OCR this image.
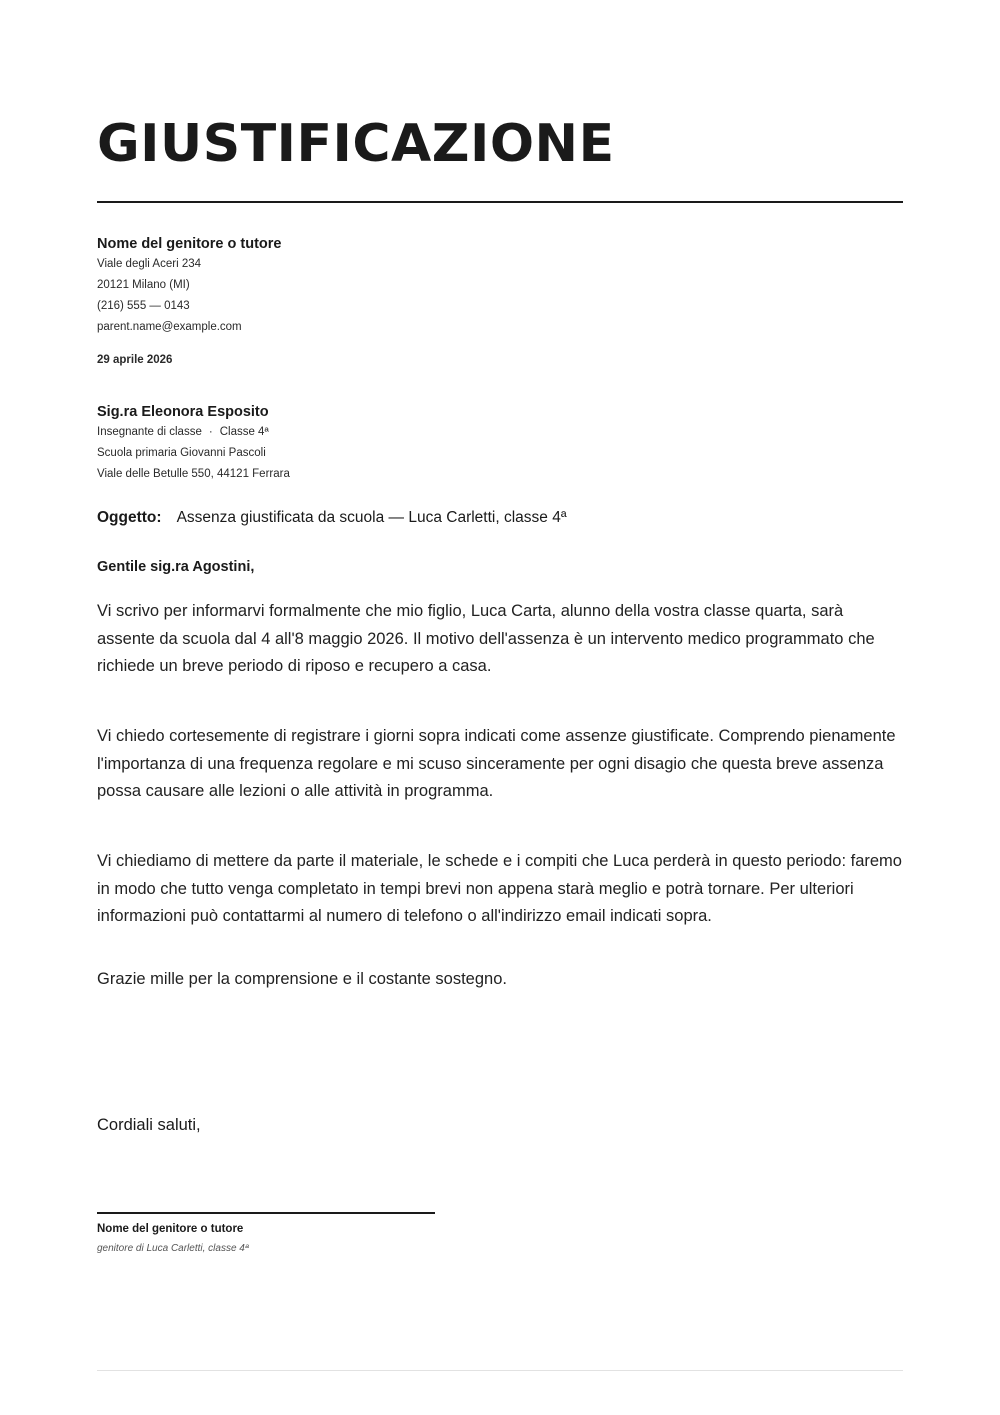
GIUSTIFICAZIONE
Nome del genitore o tutore
Viale degli Aceri 234
20121 Milano (MI)
(216) 555 — 0143
parent.name@example.com
29 aprile 2026
Sig.ra Eleonora Esposito
Insegnante di classe · Classe 4ª
Scuola primaria Giovanni Pascoli
Viale delle Betulle 550, 44121 Ferrara
Oggetto: Assenza giustificata da scuola — Luca Carletti, classe 4ª
Gentile sig.ra Agostini,

Vi scrivo per informarvi formalmente che mio figlio, Luca Carta, alunno della vostra classe quarta, sarà assente da scuola dal 4 all'8 maggio 2026. Il motivo dell'assenza è un intervento medico programmato che richiede un breve periodo di riposo e recupero a casa.

Vi chiedo cortesemente di registrare i giorni sopra indicati come assenze giustificate. Comprendo pienamente l'importanza di una frequenza regolare e mi scuso sinceramente per ogni disagio che questa breve assenza possa causare alle lezioni o alle attività in programma.

Vi chiediamo di mettere da parte il materiale, le schede e i compiti che Luca perderà in questo periodo: faremo in modo che tutto venga completato in tempi brevi non appena starà meglio e potrà tornare. Per ulteriori informazioni può contattarmi al numero di telefono o all'indirizzo email indicati sopra.

Grazie mille per la comprensione e il costante sostegno.

Cordiali saluti,
Nome del genitore o tutore
genitore di Luca Carletti, classe 4ª
